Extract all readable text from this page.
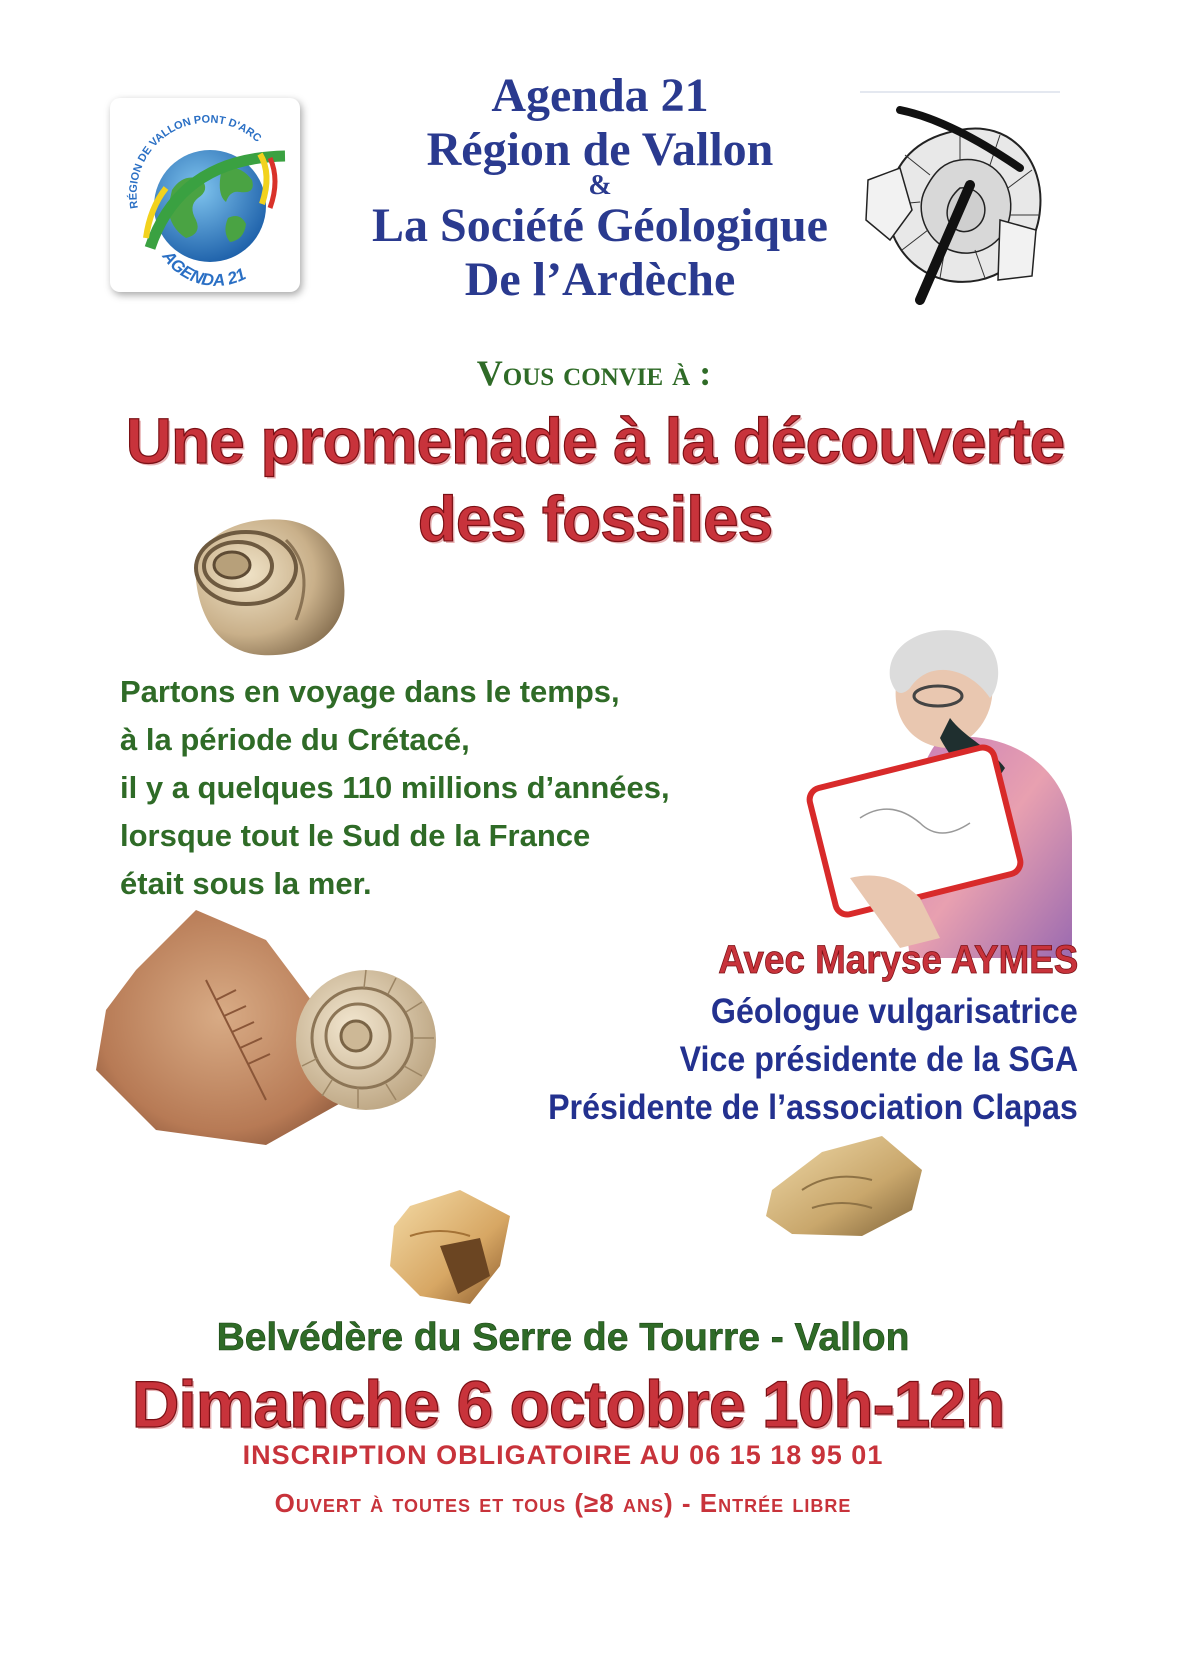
RÉGION DE VALLON PONT D'ARC
AGENDA 21
Agenda 21
Région de Vallon
&
La Société Géologique
De l’Ardèche
Vous convie à :
Une promenade à la découverte
des fossiles
Partons en voyage dans le temps,
à la période du Crétacé,
il y a quelques 110 millions d’années,
lorsque tout le Sud de la France
était sous la mer.
Avec Maryse AYMES
Géologue vulgarisatrice
Vice présidente de la SGA
Présidente de l’association Clapas
Belvédère du Serre de Tourre - Vallon
Dimanche 6 octobre 10h-12h
INSCRIPTION OBLIGATOIRE AU 06 15 18 95 01
Ouvert à toutes et tous (≥8 ans) - Entrée libre
